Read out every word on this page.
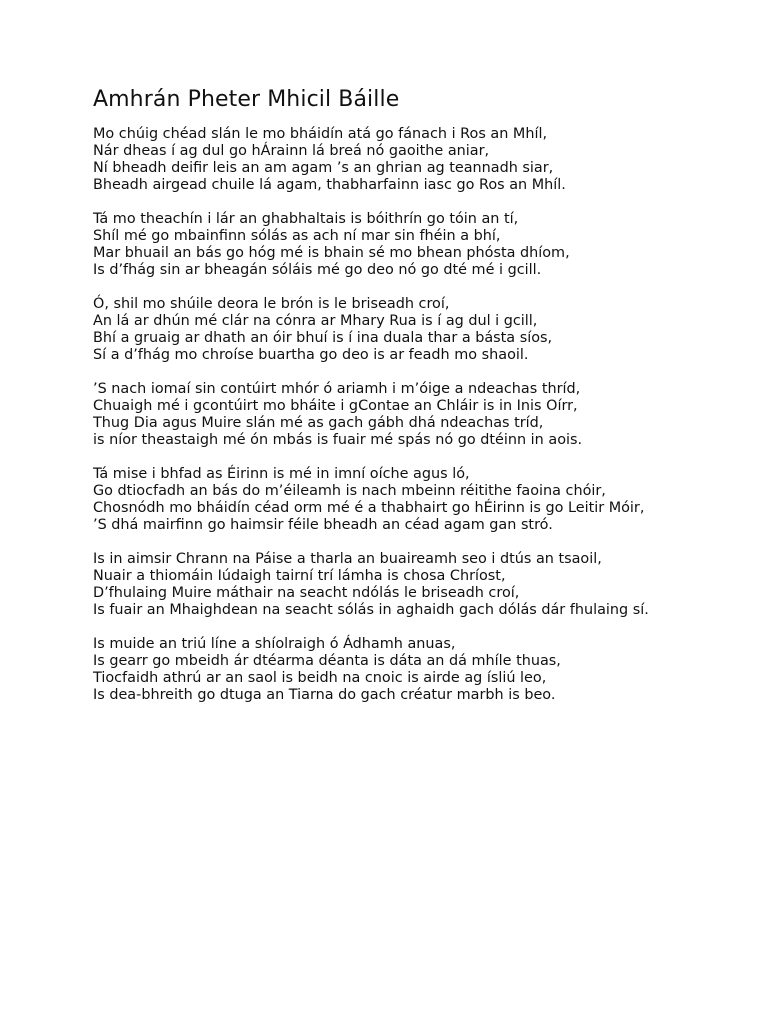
Amhrán Pheter Mhicil Báille
Mo chúig chéad slán le mo bháidín atá go fánach i Ros an Mhíl,
Nár dheas í ag dul go hÁrainn lá breá nó gaoithe aniar,
Ní bheadh deifir leis an am agam ’s an ghrian ag teannadh siar,
Bheadh airgead chuile lá agam, thabharfainn iasc go Ros an Mhíl.
Tá mo theachín i lár an ghabhaltais is bóithrín go tóin an tí,
Shíl mé go mbainfinn sólás as ach ní mar sin fhéin a bhí,
Mar bhuail an bás go hóg mé is bhain sé mo bhean phósta dhíom,
Is d’fhág sin ar bheagán sóláis mé go deo nó go dté mé i gcill.
Ó, shil mo shúile deora le brón is le briseadh croí,
An lá ar dhún mé clár na cónra ar Mhary Rua is í ag dul i gcill,
Bhí a gruaig ar dhath an óir bhuí is í ina duala thar a básta síos,
Sí a d’fhág mo chroíse buartha go deo is ar feadh mo shaoil.
’S nach iomaí sin contúirt mhór ó ariamh i m’óige a ndeachas thríd,
Chuaigh mé i gcontúirt mo bháite i gContae an Chláir is in Inis Oírr,
Thug Dia agus Muire slán mé as gach gábh dhá ndeachas tríd,
is níor theastaigh mé ón mbás is fuair mé spás nó go dtéinn in aois.
Tá mise i bhfad as Éirinn is mé in imní oíche agus ló,
Go dtiocfadh an bás do m’éileamh is nach mbeinn réitithe faoina chóir,
Chosnódh mo bháidín céad orm mé é a thabhairt go hÉirinn is go Leitir Móir,
’S dhá mairfinn go haimsir féile bheadh an céad agam gan stró.
Is in aimsir Chrann na Páise a tharla an buaireamh seo i dtús an tsaoil,
Nuair a thiomáin Iúdaigh tairní trí lámha is chosa Chríost,
D’fhulaing Muire máthair na seacht ndólás le briseadh croí,
Is fuair an Mhaighdean na seacht sólás in aghaidh gach dólás dár fhulaing sí.
Is muide an triú líne a shíolraigh ó Ádhamh anuas,
Is gearr go mbeidh ár dtéarma déanta is dáta an dá mhíle thuas,
Tiocfaidh athrú ar an saol is beidh na cnoic is airde ag ísliú leo,
Is dea-bhreith go dtuga an Tiarna do gach créatur marbh is beo.
